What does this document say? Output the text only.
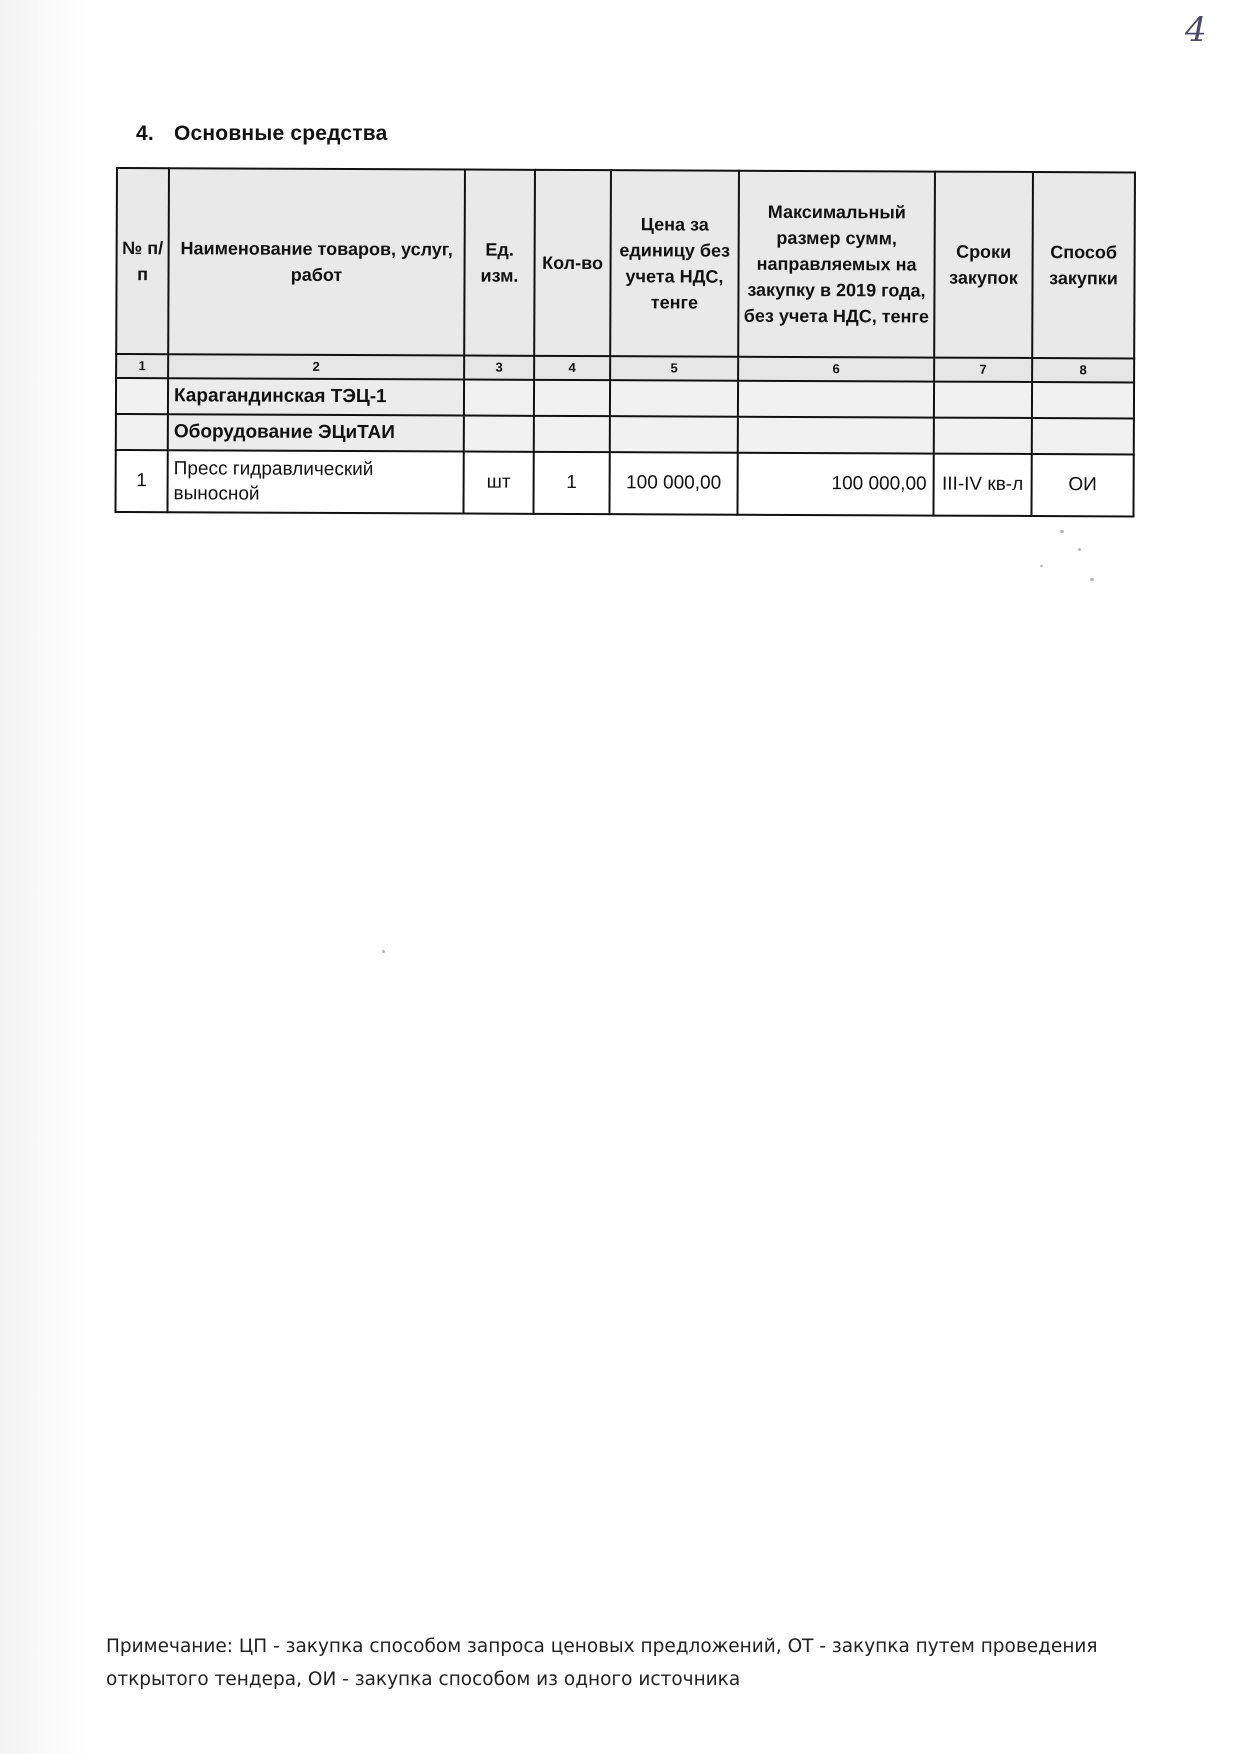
4
4. Основные средства
№ п/п	Наименование товаров, услуг, работ	Ед. изм.	Кол-во	Цена за единицу без учета НДС, тенге	Максимальный размер сумм, направляемых на закупку в 2019 года, без учета НДС, тенге	Сроки закупок	Способ закупки
1	2	3	4	5	6	7	8
	Карагандинская ТЭЦ-1						
	Оборудование ЭЦиТАИ						
1	Пресс гидравлический выносной	шт	1	100 000,00	100 000,00	III-IV кв-л	ОИ
Примечание: ЦП - закупка способом запроса ценовых предложений, ОТ - закупка путем проведения открытого тендера, ОИ - закупка способом из одного источника
